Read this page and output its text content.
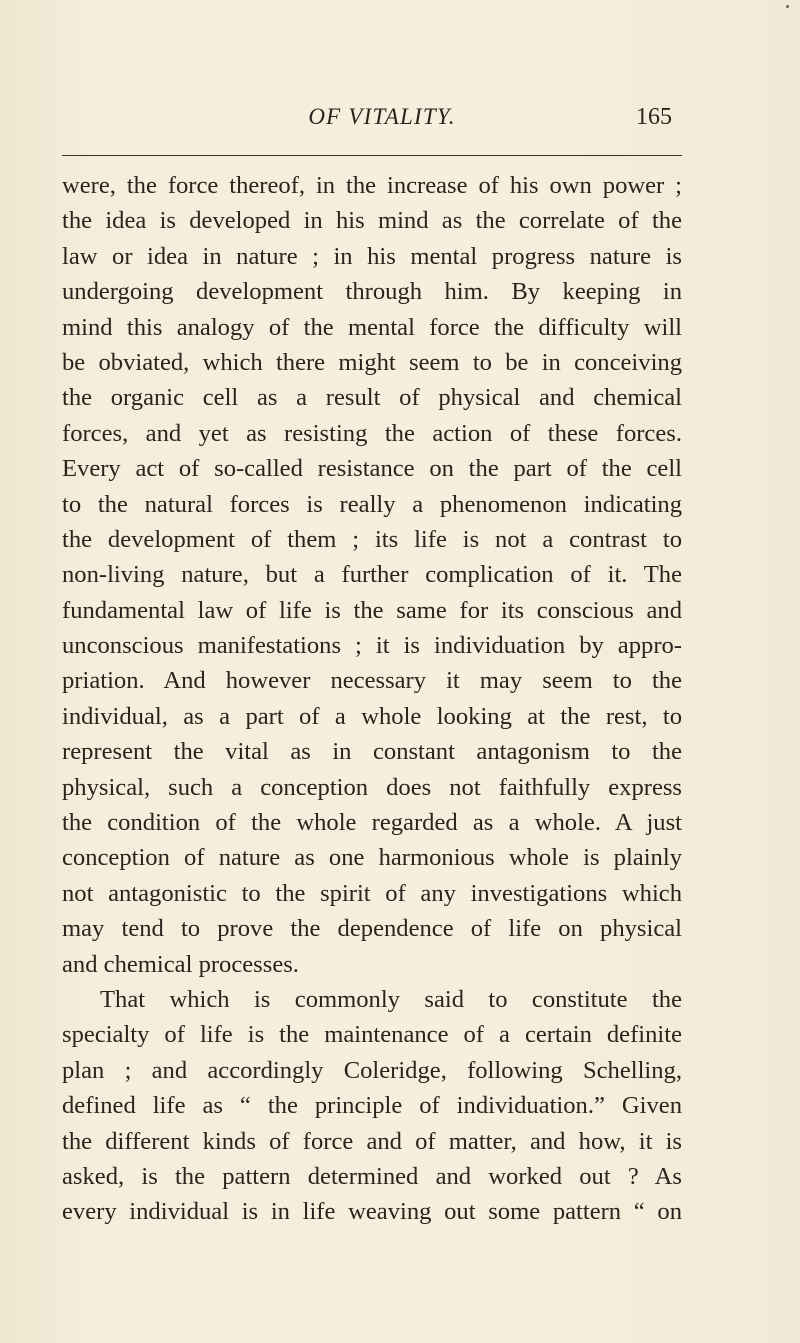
OF VITALITY.	165
were, the force thereof, in the increase of his own power ;
the idea is developed in his mind as the correlate of the
law or idea in nature ; in his mental progress nature is
undergoing development through him. By keeping in
mind this analogy of the mental force the difficulty will
be obviated, which there might seem to be in conceiving
the organic cell as a result of physical and chemical
forces, and yet as resisting the action of these forces.
Every act of so-called resistance on the part of the cell
to the natural forces is really a phenomenon indicating
the development of them ; its life is not a contrast to
non-living nature, but a further complication of it. The
fundamental law of life is the same for its conscious and
unconscious manifestations ; it is individuation by appro-
priation. And however necessary it may seem to the
individual, as a part of a whole looking at the rest, to
represent the vital as in constant antagonism to the
physical, such a conception does not faithfully express
the condition of the whole regarded as a whole. A just
conception of nature as one harmonious whole is plainly
not antagonistic to the spirit of any investigations which
may tend to prove the dependence of life on physical
and chemical processes.
That which is commonly said to constitute the
specialty of life is the maintenance of a certain definite
plan ; and accordingly Coleridge, following Schelling,
defined life as “ the principle of individuation.” Given
the different kinds of force and of matter, and how, it is
asked, is the pattern determined and worked out ? As
every individual is in life weaving out some pattern “ on
